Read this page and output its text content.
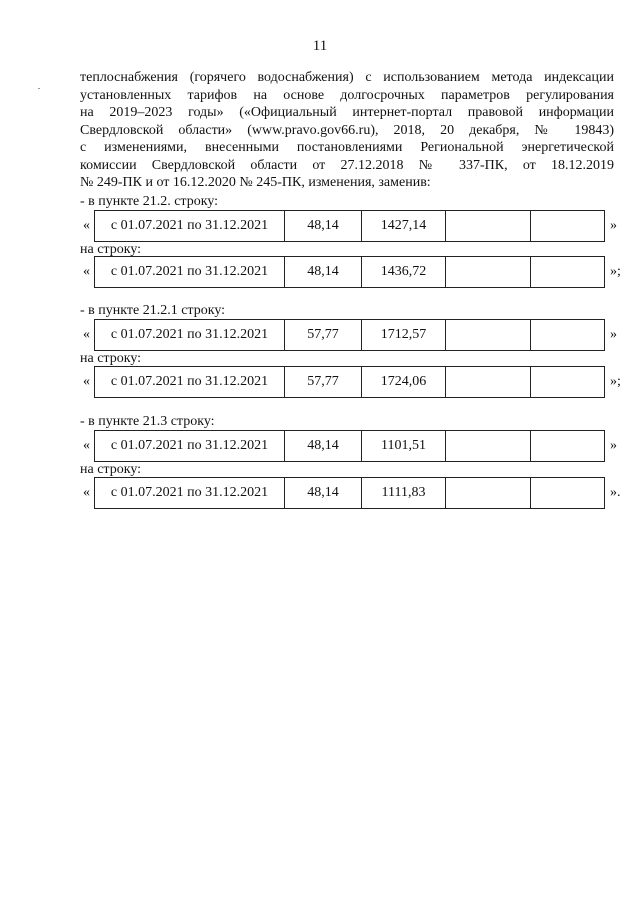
11
теплоснабжения (горячего водоснабжения) с использованием метода индексации
установленных тарифов на основе долгосрочных параметров регулирования
на 2019–2023 годы» («Официальный интернет-портал правовой информации
Свердловской области» (www.pravo.gov66.ru), 2018, 20 декабря, № 19843)
с изменениями, внесенными постановлениями Региональной энергетической
комиссии Свердловской области от 27.12.2018 № 337-ПК, от 18.12.2019
№ 249-ПК и от 16.12.2020 № 245-ПК, изменения, заменив:
- в пункте 21.2. строку:
«	с 01.07.2021 по 31.12.2021	48,14	1427,14	»
на строку:
«	с 01.07.2021 по 31.12.2021	48,14	1436,72	»;
- в пункте 21.2.1 строку:
«	с 01.07.2021 по 31.12.2021	57,77	1712,57	»
на строку:
«	с 01.07.2021 по 31.12.2021	57,77	1724,06	»;
- в пункте 21.3 строку:
«	с 01.07.2021 по 31.12.2021	48,14	1101,51	»
на строку:
«	с 01.07.2021 по 31.12.2021	48,14	1111,83	».
